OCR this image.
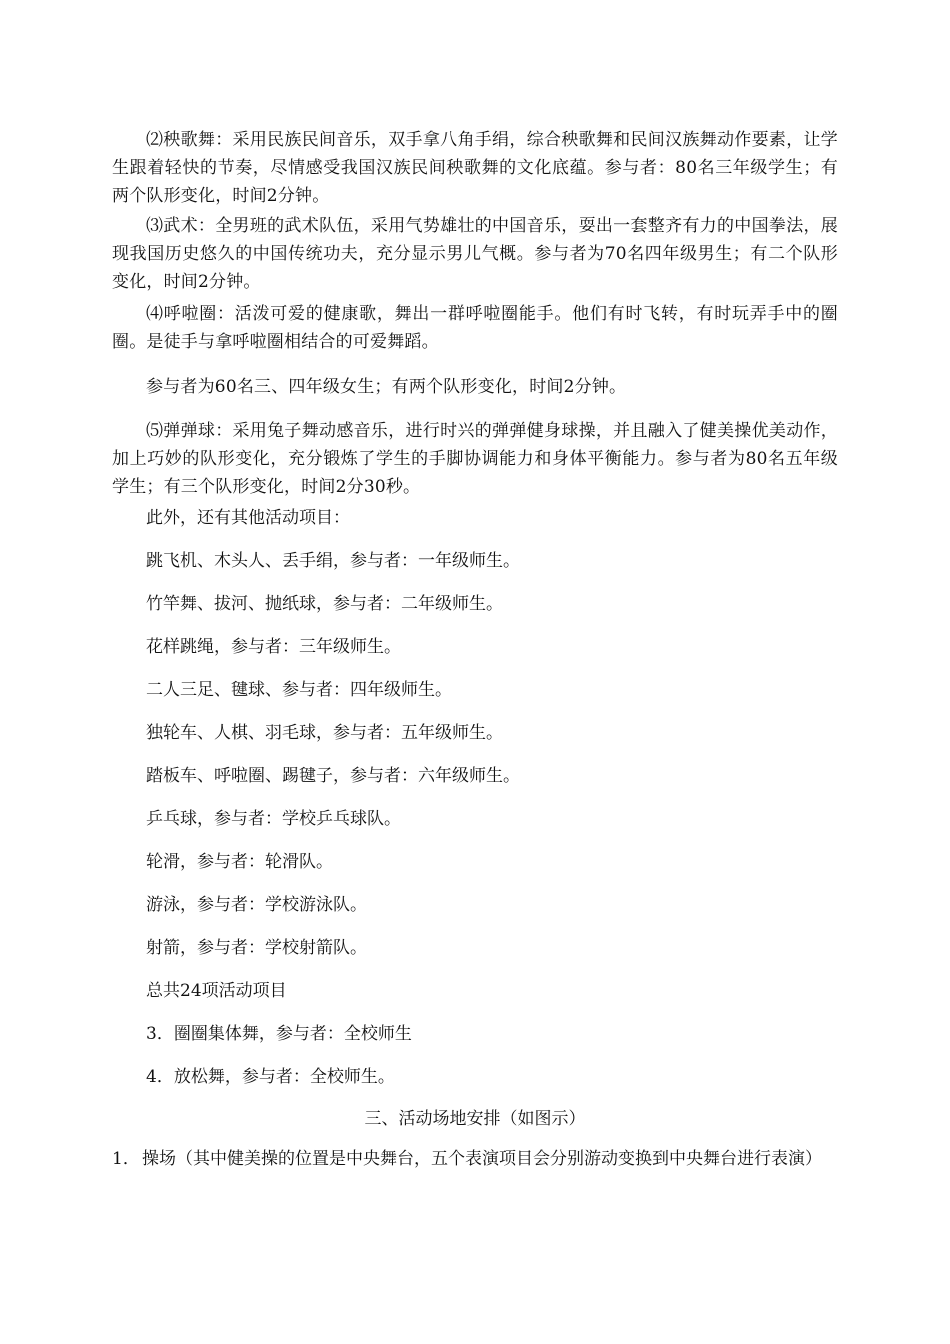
⑵秧歌舞：采用民族民间音乐，双手拿八角手绢，综合秧歌舞和民间汉族舞动作要素，让学生跟着轻快的节奏，尽情感受我国汉族民间秧歌舞的文化底蕴。参与者：80名三年级学生；有两个队形变化，时间2分钟。

⑶武术：全男班的武术队伍，采用气势雄壮的中国音乐，耍出一套整齐有力的中国拳法，展现我国历史悠久的中国传统功夫，充分显示男儿气概。参与者为70名四年级男生；有二个队形变化，时间2分钟。

⑷呼啦圈：活泼可爱的健康歌，舞出一群呼啦圈能手。他们有时飞转，有时玩弄手中的圈圈。是徒手与拿呼啦圈相结合的可爱舞蹈。

参与者为60名三、四年级女生；有两个队形变化，时间2分钟。

⑸弹弹球：采用兔子舞动感音乐，进行时兴的弹弹健身球操，并且融入了健美操优美动作，加上巧妙的队形变化，充分锻炼了学生的手脚协调能力和身体平衡能力。参与者为80名五年级学生；有三个队形变化，时间2分30秒。

此外，还有其他活动项目：

跳飞机、木头人、丢手绢，参与者：一年级师生。

竹竿舞、拔河、抛纸球，参与者：二年级师生。

花样跳绳，参与者：三年级师生。

二人三足、毽球、参与者：四年级师生。

独轮车、人棋、羽毛球，参与者：五年级师生。

踏板车、呼啦圈、踢毽子，参与者：六年级师生。

乒乓球，参与者：学校乒乓球队。

轮滑，参与者：轮滑队。

游泳，参与者：学校游泳队。

射箭，参与者：学校射箭队。

总共24项活动项目

3．圈圈集体舞，参与者：全校师生

4．放松舞，参与者：全校师生。

三、活动场地安排（如图示）

1． 操场（其中健美操的位置是中央舞台，五个表演项目会分别游动变换到中央舞台进行表演）
